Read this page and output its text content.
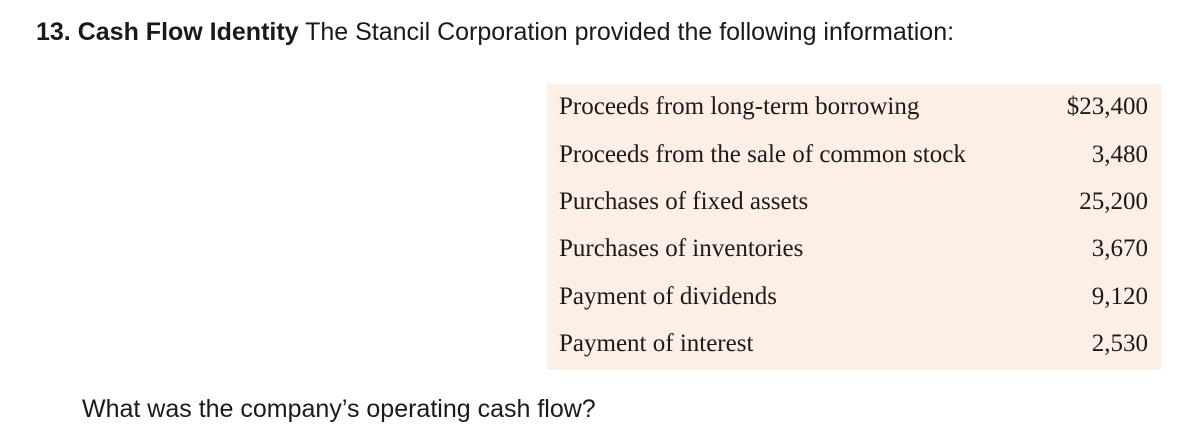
13. Cash Flow Identity The Stancil Corporation provided the following information:
Proceeds from long-term borrowing	$23,400
Proceeds from the sale of common stock	3,480
Purchases of fixed assets	25,200
Purchases of inventories	3,670
Payment of dividends	9,120
Payment of interest	2,530
What was the company’s operating cash flow?
